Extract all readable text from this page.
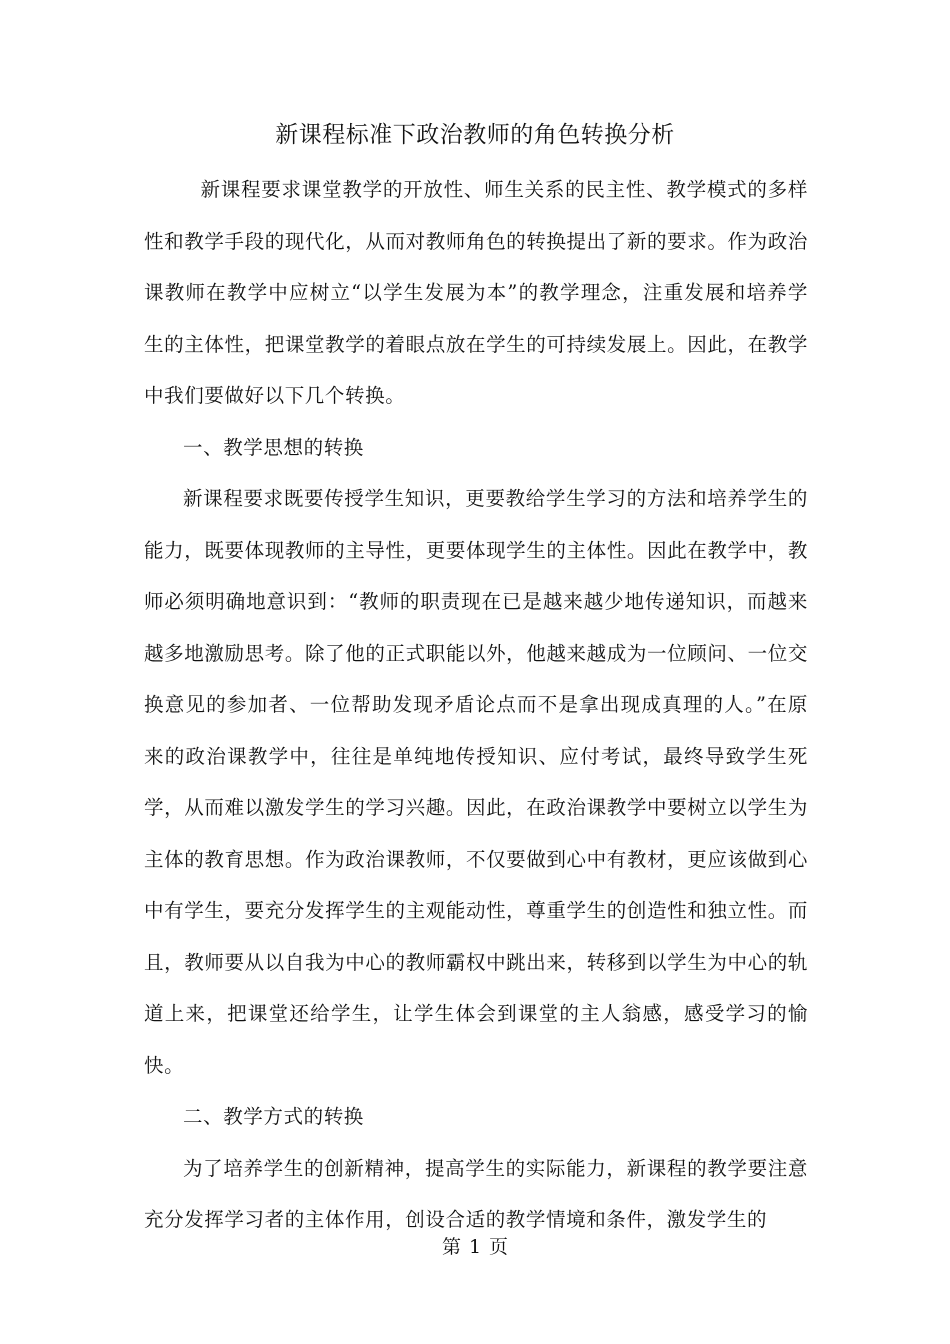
新课程标准下政治教师的角色转换分析

新课程要求课堂教学的开放性、师生关系的民主性、教学模式的多样性和教学手段的现代化，从而对教师角色的转换提出了新的要求。作为政治课教师在教学中应树立“以学生发展为本”的教学理念，注重发展和培养学生的主体性，把课堂教学的着眼点放在学生的可持续发展上。因此，在教学中我们要做好以下几个转换。

一、教学思想的转换

新课程要求既要传授学生知识，更要教给学生学习的方法和培养学生的能力，既要体现教师的主导性，更要体现学生的主体性。因此在教学中，教师必须明确地意识到：“教师的职责现在已是越来越少地传递知识，而越来越多地激励思考。除了他的正式职能以外，他越来越成为一位顾问、一位交换意见的参加者、一位帮助发现矛盾论点而不是拿出现成真理的人。”在原来的政治课教学中，往往是单纯地传授知识、应付考试，最终导致学生死学，从而难以激发学生的学习兴趣。因此，在政治课教学中要树立以学生为主体的教育思想。作为政治课教师，不仅要做到心中有教材，更应该做到心中有学生，要充分发挥学生的主观能动性，尊重学生的创造性和独立性。而且，教师要从以自我为中心的教师霸权中跳出来，转移到以学生为中心的轨道上来，把课堂还给学生，让学生体会到课堂的主人翁感，感受学习的愉快。

二、教学方式的转换

为了培养学生的创新精神，提高学生的实际能力，新课程的教学要注意充分发挥学习者的主体作用，创设合适的教学情境和条件，激发学生的

第 1 页
